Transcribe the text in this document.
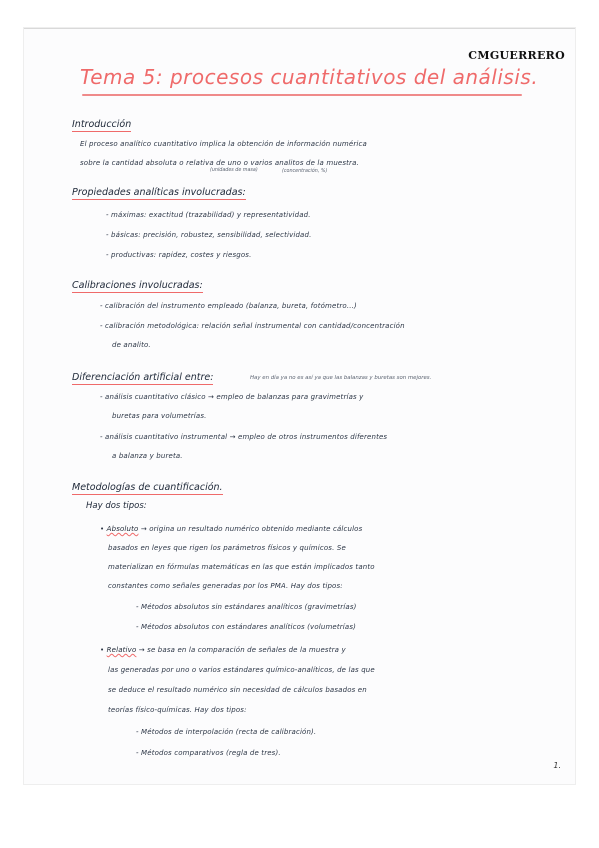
CMGUERRERO
Tema 5: procesos cuantitativos del análisis.
Introducción
El proceso analítico cuantitativo implica la obtención de información numérica
sobre la cantidad absoluta o relativa de uno o varios analitos de la muestra.
(unidades de masa)	(concentración, %)
Propiedades analíticas involucradas:
- máximas: exactitud (trazabilidad) y representatividad.
- básicas: precisión, robustez, sensibilidad, selectividad.
- productivas: rapidez, costes y riesgos.
Calibraciones involucradas:
- calibración del instrumento empleado (balanza, bureta, fotómetro...)
- calibración metodológica: relación señal instrumental con cantidad/concentración
de analito.
Diferenciación artificial entre:	Hay en día ya no es así ya que las balanzas y buretas son mejores.
- análisis cuantitativo clásico → empleo de balanzas para gravimetrías y
buretas para volumetrías.
- análisis cuantitativo instrumental → empleo de otros instrumentos diferentes
a balanza y bureta.
Metodologías de cuantificación.
Hay dos tipos:
• Absoluto → origina un resultado numérico obtenido mediante cálculos
basados en leyes que rigen los parámetros físicos y químicos. Se
materializan en fórmulas matemáticas en las que están implicados tanto
constantes como señales generadas por los PMA. Hay dos tipos:
- Métodos absolutos sin estándares analíticos (gravimetrías)
- Métodos absolutos con estándares analíticos (volumetrías)
• Relativo → se basa en la comparación de señales de la muestra y
las generadas por uno o varios estándares químico-analíticos, de las que
se deduce el resultado numérico sin necesidad de cálculos basados en
teorías físico-químicas. Hay dos tipos:
- Métodos de interpolación (recta de calibración).
- Métodos comparativos (regla de tres).
1.
